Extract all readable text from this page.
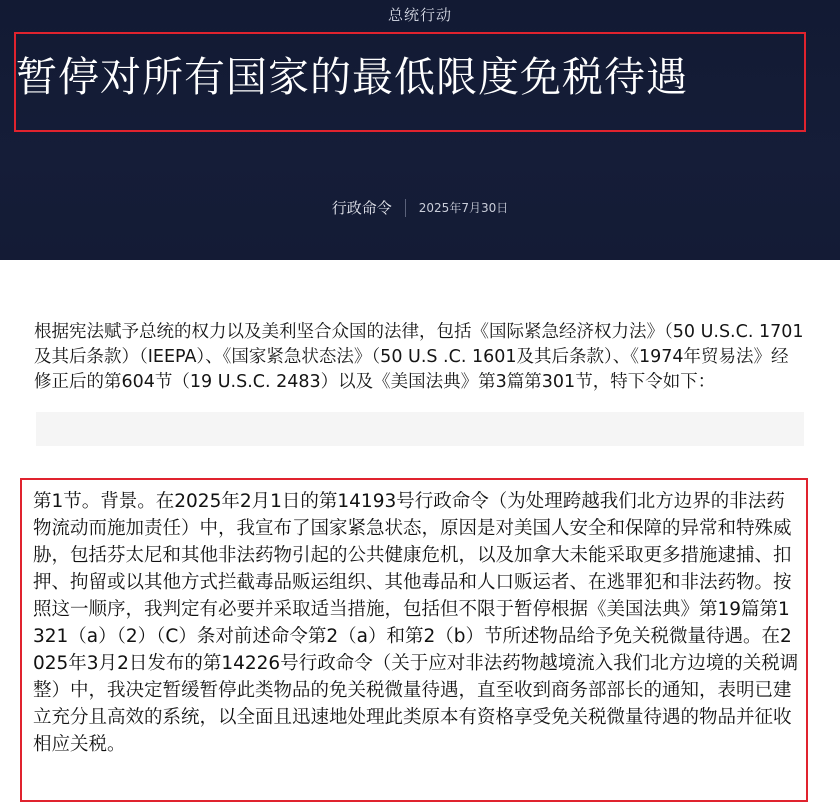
总统行动
暂停对所有国家的最低限度免税待遇
行政命令 2025年7月30日

根据宪法赋予总统的权力以及美利坚合众国的法律，包括《国际紧急经济权力法》（50 U.S.C. 1701及其后条款）（IEEPA）、《国家紧急状态法》（50 U.S .C. 1601及其后条款）、《1974年贸易法》经修正后的第604节（19 U.S.C. 2483）以及《美国法典》第3篇第301节，特下令如下：

第1节。背景。在2025年2月1日的第14193号行政命令（为处理跨越我们北方边界的非法药物流动而施加责任）中，我宣布了国家紧急状态，原因是对美国人安全和保障的异常和特殊威胁，包括芬太尼和其他非法药物引起的公共健康危机，以及加拿大未能采取更多措施逮捕、扣押、拘留或以其他方式拦截毒品贩运组织、其他毒品和人口贩运者、在逃罪犯和非法药物。按照这一顺序，我判定有必要并采取适当措施，包括但不限于暂停根据《美国法典》第19篇第1321（a）（2）（C）条对前述命令第2（a）和第2（b）节所述物品给予免关税微量待遇。在2025年3月2日发布的第14226号行政命令（关于应对非法药物越境流入我们北方边境的关税调整）中，我决定暂缓暂停此类物品的免关税微量待遇，直至收到商务部部长的通知，表明已建立充分且高效的系统，以全面且迅速地处理此类原本有资格享受免关税微量待遇的物品并征收相应关税。
